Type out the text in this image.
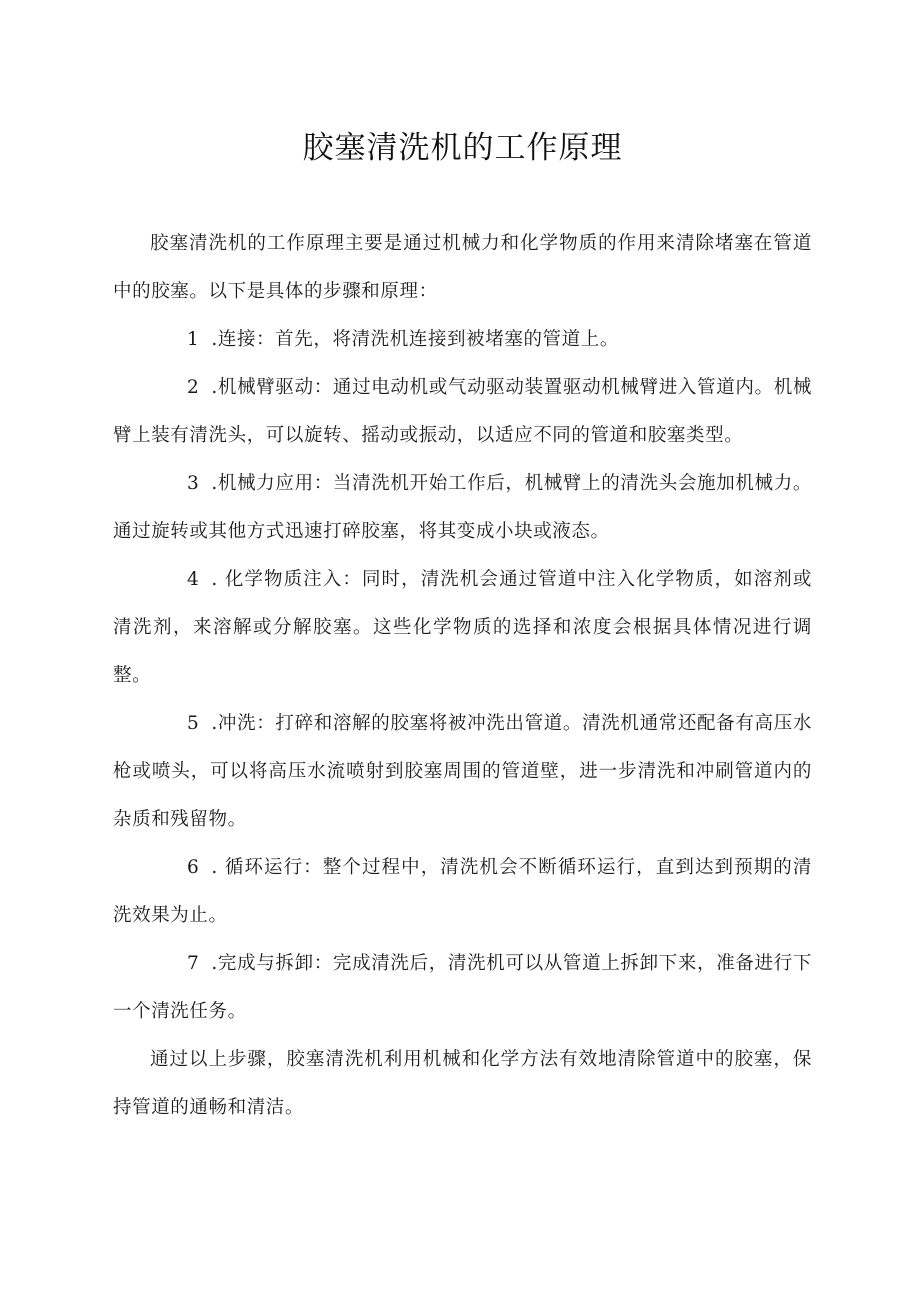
胶塞清洗机的工作原理

胶塞清洗机的工作原理主要是通过机械力和化学物质的作用来清除堵塞在管道中的胶塞。以下是具体的步骤和原理：

1 .连接：首先，将清洗机连接到被堵塞的管道上。

2 .机械臂驱动：通过电动机或气动驱动装置驱动机械臂进入管道内。机械臂上装有清洗头，可以旋转、摇动或振动，以适应不同的管道和胶塞类型。

3 .机械力应用：当清洗机开始工作后，机械臂上的清洗头会施加机械力。通过旋转或其他方式迅速打碎胶塞，将其变成小块或液态。

4 . 化学物质注入：同时，清洗机会通过管道中注入化学物质，如溶剂或清洗剂，来溶解或分解胶塞。这些化学物质的选择和浓度会根据具体情况进行调整。

5 .冲洗：打碎和溶解的胶塞将被冲洗出管道。清洗机通常还配备有高压水枪或喷头，可以将高压水流喷射到胶塞周围的管道壁，进一步清洗和冲刷管道内的杂质和残留物。

6 . 循环运行：整个过程中，清洗机会不断循环运行，直到达到预期的清洗效果为止。

7 .完成与拆卸：完成清洗后，清洗机可以从管道上拆卸下来，准备进行下一个清洗任务。

通过以上步骤，胶塞清洗机利用机械和化学方法有效地清除管道中的胶塞，保持管道的通畅和清洁。
